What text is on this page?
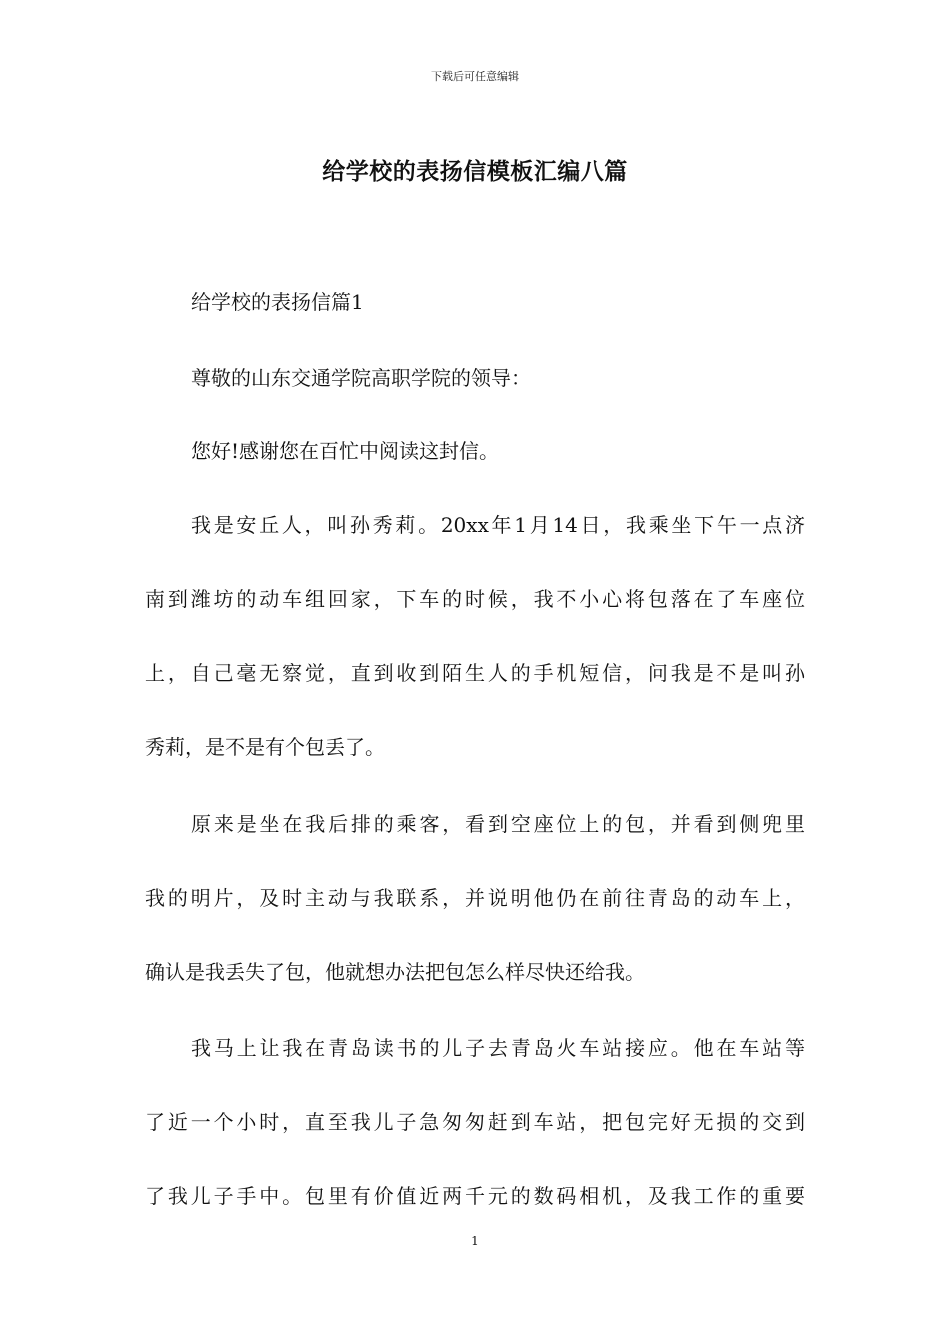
下载后可任意编辑
给学校的表扬信模板汇编八篇
给学校的表扬信篇1
尊敬的山东交通学院高职学院的领导：
您好!感谢您在百忙中阅读这封信。
我是安丘人，叫孙秀莉。20xx年1月14日，我乘坐下午一点济
南到潍坊的动车组回家，下车的时候，我不小心将包落在了车座位
上，自己毫无察觉，直到收到陌生人的手机短信，问我是不是叫孙
秀莉，是不是有个包丢了。
原来是坐在我后排的乘客，看到空座位上的包，并看到侧兜里
我的明片，及时主动与我联系，并说明他仍在前往青岛的动车上，
确认是我丢失了包，他就想办法把包怎么样尽快还给我。
我马上让我在青岛读书的儿子去青岛火车站接应。他在车站等
了近一个小时，直至我儿子急匆匆赶到车站，把包完好无损的交到
了我儿子手中。包里有价值近两千元的数码相机，及我工作的重要
1
